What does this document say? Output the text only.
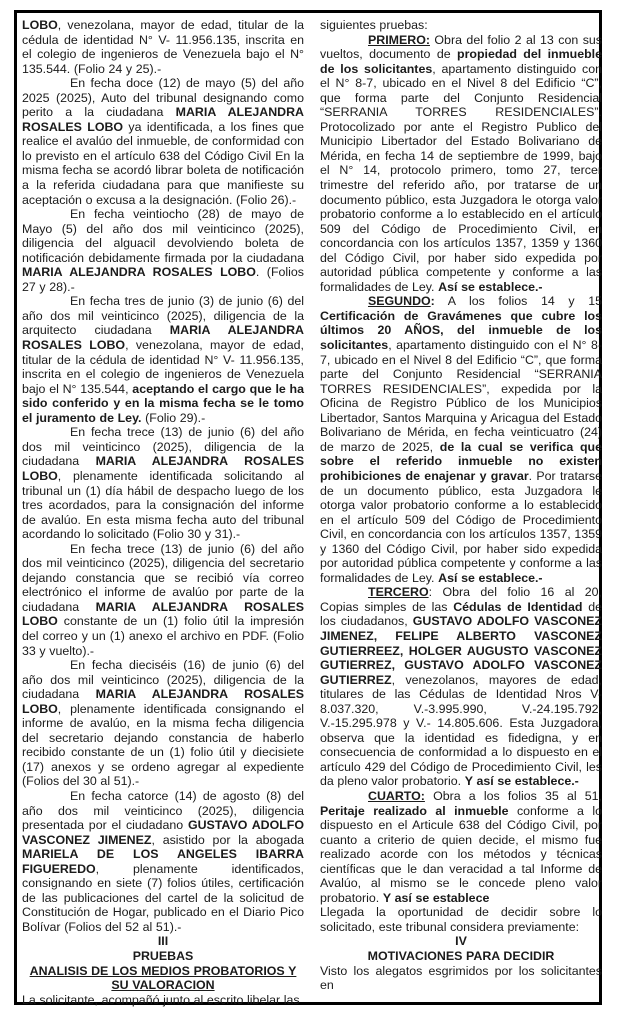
LOBO, venezolana, mayor de edad, titular de la cédula de identidad N° V- 11.956.135, inscrita en el colegio de ingenieros de Venezuela bajo el N° 135.544. (Folio 24 y 25).-

En fecha doce (12) de mayo (5) del año 2025 (2025), Auto del tribunal designando como perito a la ciudadana MARIA ALEJANDRA ROSALES LOBO ya identificada, a los fines que realice el avalúo del inmueble, de conformidad con lo previsto en el artículo 638 del Código Civil En la misma fecha se acordó librar boleta de notificación a la referida ciudadana para que manifieste su aceptación o excusa a la designación. (Folio 26).-

En fecha veintiocho (28) de mayo de Mayo (5) del año dos mil veinticinco (2025), diligencia del alguacil devolviendo boleta de notificación debidamente firmada por la ciudadana MARIA ALEJANDRA ROSALES LOBO. (Folios 27 y 28).-

En fecha tres de junio (3) de junio (6) del año dos mil veinticinco (2025), diligencia de la arquitecto ciudadana MARIA ALEJANDRA ROSALES LOBO, venezolana, mayor de edad, titular de la cédula de identidad N° V- 11.956.135, inscrita en el colegio de ingenieros de Venezuela bajo el N° 135.544, aceptando el cargo que le ha sido conferido y en la misma fecha se le tomo el juramento de Ley. (Folio 29).-

En fecha trece (13) de junio (6) del año dos mil veinticinco (2025), diligencia de la ciudadana MARIA ALEJANDRA ROSALES LOBO, plenamente identificada solicitando al tribunal un (1) día hábil de despacho luego de los tres acordados, para la consignación del informe de avalúo. En esta misma fecha auto del tribunal acordando lo solicitado (Folio 30 y 31).-

En fecha trece (13) de junio (6) del año dos mil veinticinco (2025), diligencia del secretario dejando constancia que se recibió vía correo electrónico el informe de avalúo por parte de la ciudadana MARIA ALEJANDRA ROSALES LOBO constante de un (1) folio útil la impresión del correo y un (1) anexo el archivo en PDF. (Folio 33 y vuelto).-

En fecha dieciséis (16) de junio (6) del año dos mil veinticinco (2025), diligencia de la ciudadana MARIA ALEJANDRA ROSALES LOBO, plenamente identificada consignando el informe de avalúo, en la misma fecha diligencia del secretario dejando constancia de haberlo recibido constante de un (1) folio útil y diecisiete (17) anexos y se ordeno agregar al expediente (Folios del 30 al 51).-

En fecha catorce (14) de agosto (8) del año dos mil veinticinco (2025), diligencia presentada por el ciudadano GUSTAVO ADOLFO VASCONEZ JIMENEZ, asistido por la abogada MARIELA DE LOS ANGELES IBARRA FIGUEREDO, plenamente identificados, consignando en siete (7) folios útiles, certificación de las publicaciones del cartel de la solicitud de Constitución de Hogar, publicado en el Diario Pico Bolívar (Folios del 52 al 51).-

III

PRUEBAS

ANALISIS DE LOS MEDIOS PROBATORIOS Y SU VALORACION

La solicitante, acompañó junto al escrito libelar las

siguientes pruebas:

PRIMERO: Obra del folio 2 al 13 con sus vueltos, documento de propiedad del inmueble de los solicitantes, apartamento distinguido con el N° 8-7, ubicado en el Nivel 8 del Edificio “C”, que forma parte del Conjunto Residencial “SERRANIA TORRES RESIDENCIALES”. Protocolizado por ante el Registro Publico del Municipio Libertador del Estado Bolivariano de Mérida, en fecha 14 de septiembre de 1999, bajo el N° 14, protocolo primero, tomo 27, tercer trimestre del referido año, por tratarse de un documento público, esta Juzgadora le otorga valor probatorio conforme a lo establecido en el artículo 509 del Código de Procedimiento Civil, en concordancia con los artículos 1357, 1359 y 1360 del Código Civil, por haber sido expedida por autoridad pública competente y conforme a las formalidades de Ley. Así se establece.-

SEGUNDO: A los folios 14 y 15 Certificación de Gravámenes que cubre los últimos 20 AÑOS, del inmueble de los solicitantes, apartamento distinguido con el N° 8-7, ubicado en el Nivel 8 del Edificio “C”, que forma parte del Conjunto Residencial “SERRANIA TORRES RESIDENCIALES”, expedida por la Oficina de Registro Público de los Municipios Libertador, Santos Marquina y Aricagua del Estado Bolivariano de Mérida, en fecha veinticuatro (24) de marzo de 2025, de la cual se verifica que sobre el referido inmueble no existen prohibiciones de enajenar y gravar. Por tratarse de un documento público, esta Juzgadora le otorga valor probatorio conforme a lo establecido en el artículo 509 del Código de Procedimiento Civil, en concordancia con los artículos 1357, 1359 y 1360 del Código Civil, por haber sido expedida por autoridad pública competente y conforme a las formalidades de Ley. Así se establece.-

TERCERO: Obra del folio 16 al 20, Copias simples de las Cédulas de Identidad de los ciudadanos, GUSTAVO ADOLFO VASCONEZ JIMENEZ, FELIPE ALBERTO VASCONEZ GUTIERREEZ, HOLGER AUGUSTO VASCONEZ GUTIERREZ, GUSTAVO ADOLFO VASCONEZ GUTIERREZ, venezolanos, mayores de edad, titulares de las Cédulas de Identidad Nros V- 8.037.320, V.-3.995.990, V.-24.195.792, V.-15.295.978 y V.- 14.805.606. Esta Juzgadora, observa que la identidad es fidedigna, y en consecuencia de conformidad a lo dispuesto en el artículo 429 del Código de Procedimiento Civil, les da pleno valor probatorio. Y así se establece.-

CUARTO: Obra a los folios 35 al 51, Peritaje realizado al inmueble conforme a lo dispuesto en el Articule 638 del Código Civil, por cuanto a criterio de quien decide, el mismo fue realizado acorde con los métodos y técnicas científicas que le dan veracidad a tal Informe de Avalúo, al mismo se le concede pleno valor probatorio. Y así se establece

Llegada la oportunidad de decidir sobre lo solicitado, este tribunal considera previamente:

IV

MOTIVACIONES PARA DECIDIR

Visto los alegatos esgrimidos por los solicitantes en
